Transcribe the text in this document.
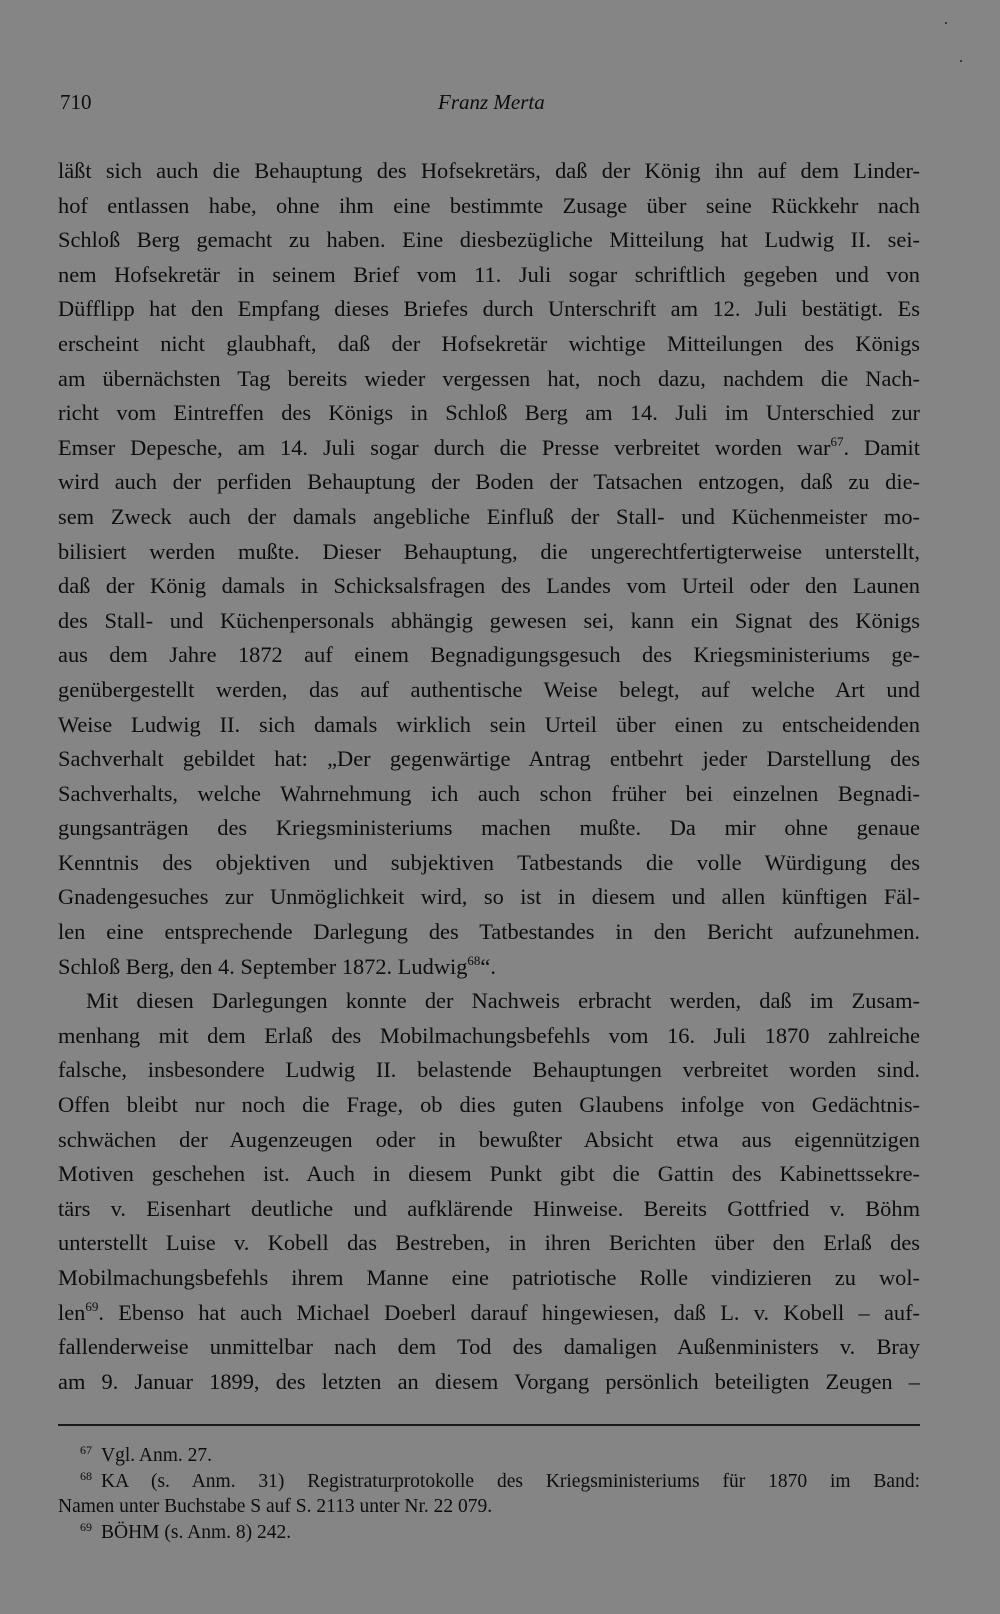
710	Franz Merta
läßt sich auch die Behauptung des Hofsekretärs, daß der König ihn auf dem Linder-
hof entlassen habe, ohne ihm eine bestimmte Zusage über seine Rückkehr nach
Schloß Berg gemacht zu haben. Eine diesbezügliche Mitteilung hat Ludwig II. sei-
nem Hofsekretär in seinem Brief vom 11. Juli sogar schriftlich gegeben und von
Düfflipp hat den Empfang dieses Briefes durch Unterschrift am 12. Juli bestätigt. Es
erscheint nicht glaubhaft, daß der Hofsekretär wichtige Mitteilungen des Königs
am übernächsten Tag bereits wieder vergessen hat, noch dazu, nachdem die Nach-
richt vom Eintreffen des Königs in Schloß Berg am 14. Juli im Unterschied zur
Emser Depesche, am 14. Juli sogar durch die Presse verbreitet worden war$^{67}$. Damit
wird auch der perfiden Behauptung der Boden der Tatsachen entzogen, daß zu die-
sem Zweck auch der damals angebliche Einfluß der Stall- und Küchenmeister mo-
bilisiert werden mußte. Dieser Behauptung, die ungerechtfertigterweise unterstellt,
daß der König damals in Schicksalsfragen des Landes vom Urteil oder den Launen
des Stall- und Küchenpersonals abhängig gewesen sei, kann ein Signat des Königs
aus dem Jahre 1872 auf einem Begnadigungsgesuch des Kriegsministeriums ge-
genübergestellt werden, das auf authentische Weise belegt, auf welche Art und
Weise Ludwig II. sich damals wirklich sein Urteil über einen zu entscheidenden
Sachverhalt gebildet hat: „Der gegenwärtige Antrag entbehrt jeder Darstellung des
Sachverhalts, welche Wahrnehmung ich auch schon früher bei einzelnen Begnadi-
gungsanträgen des Kriegsministeriums machen mußte. Da mir ohne genaue
Kenntnis des objektiven und subjektiven Tatbestands die volle Würdigung des
Gnadengesuches zur Unmöglichkeit wird, so ist in diesem und allen künftigen Fäl-
len eine entsprechende Darlegung des Tatbestandes in den Bericht aufzunehmen.
Schloß Berg, den 4. September 1872. Ludwig$^{68}$“.
Mit diesen Darlegungen konnte der Nachweis erbracht werden, daß im Zusam-
menhang mit dem Erlaß des Mobilmachungsbefehls vom 16. Juli 1870 zahlreiche
falsche, insbesondere Ludwig II. belastende Behauptungen verbreitet worden sind.
Offen bleibt nur noch die Frage, ob dies guten Glaubens infolge von Gedächtnis-
schwächen der Augenzeugen oder in bewußter Absicht etwa aus eigennützigen
Motiven geschehen ist. Auch in diesem Punkt gibt die Gattin des Kabinettssekre-
tärs v. Eisenhart deutliche und aufklärende Hinweise. Bereits Gottfried v. Böhm
unterstellt Luise v. Kobell das Bestreben, in ihren Berichten über den Erlaß des
Mobilmachungsbefehls ihrem Manne eine patriotische Rolle vindizieren zu wol-
len$^{69}$. Ebenso hat auch Michael Doeberl darauf hingewiesen, daß L. v. Kobell – auf-
fallenderweise unmittelbar nach dem Tod des damaligen Außenministers v. Bray
am 9. Januar 1899, des letzten an diesem Vorgang persönlich beteiligten Zeugen –
$^{67}$ Vgl. Anm. 27.
$^{68}$ KA (s. Anm. 31) Registraturprotokolle des Kriegsministeriums für 1870 im Band:
Namen unter Buchstabe S auf S. 2113 unter Nr. 22 079.
$^{69}$ BÖHM (s. Anm. 8) 242.
